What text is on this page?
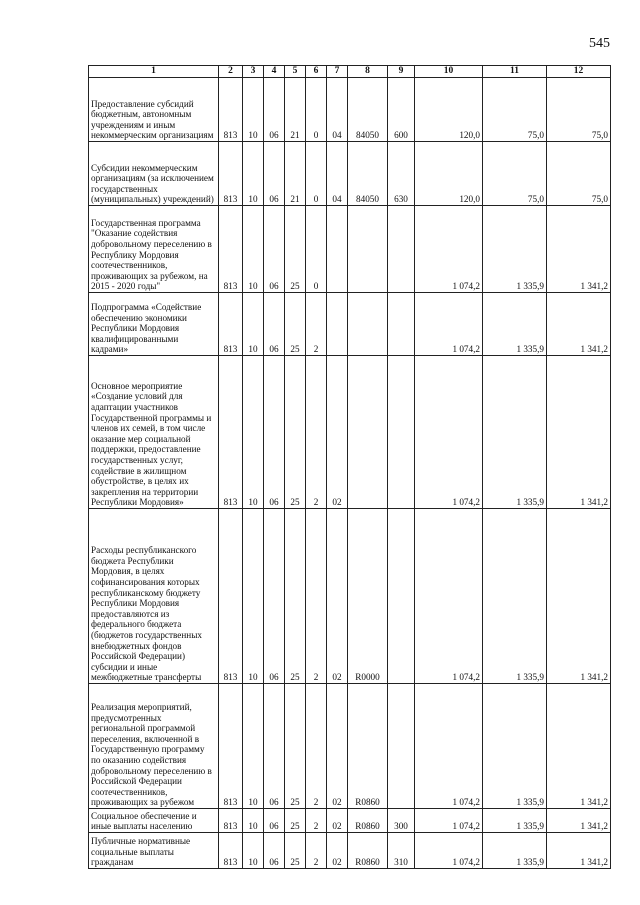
545
1	2	3	4	5	6	7	8	9	10	11	12
Предоставление субсидий бюджетным, автономным учреждениям и иным некоммерческим организациям	813	10	06	21	0	04	84050	600	120,0	75,0	75,0
Субсидии некоммерческим организациям (за исключением государственных (муниципальных) учреждений)	813	10	06	21	0	04	84050	630	120,0	75,0	75,0
Государственная программа "Оказание содействия добровольному переселению в Республику Мордовия соотечественников, проживающих за рубежом, на 2015 - 2020 годы"	813	10	06	25	0				1 074,2	1 335,9	1 341,2
Подпрограмма «Содействие обеспечению экономики Республики Мордовия квалифицированными кадрами»	813	10	06	25	2				1 074,2	1 335,9	1 341,2
Основное мероприятие «Создание условий для адаптации участников Государственной программы и членов их семей, в том числе оказание мер социальной поддержки, предоставление государственных услуг, содействие в жилищном обустройстве, в целях их закрепления на территории Республики Мордовия»	813	10	06	25	2	02			1 074,2	1 335,9	1 341,2
Расходы республиканского бюджета Республики Мордовия, в целях софинансирования которых республиканскому бюджету Республики Мордовия предоставляются из федерального бюджета (бюджетов государственных внебюджетных фондов Российской Федерации) субсидии и иные межбюджетные трансферты	813	10	06	25	2	02	R0000		1 074,2	1 335,9	1 341,2
Реализация мероприятий, предусмотренных региональной программой переселения, включенной в Государственную программу по оказанию содействия добровольному переселению в Российской Федерации соотечественников, проживающих за рубежом	813	10	06	25	2	02	R0860		1 074,2	1 335,9	1 341,2
Социальное обеспечение и иные выплаты населению	813	10	06	25	2	02	R0860	300	1 074,2	1 335,9	1 341,2
Публичные нормативные социальные выплаты гражданам	813	10	06	25	2	02	R0860	310	1 074,2	1 335,9	1 341,2
